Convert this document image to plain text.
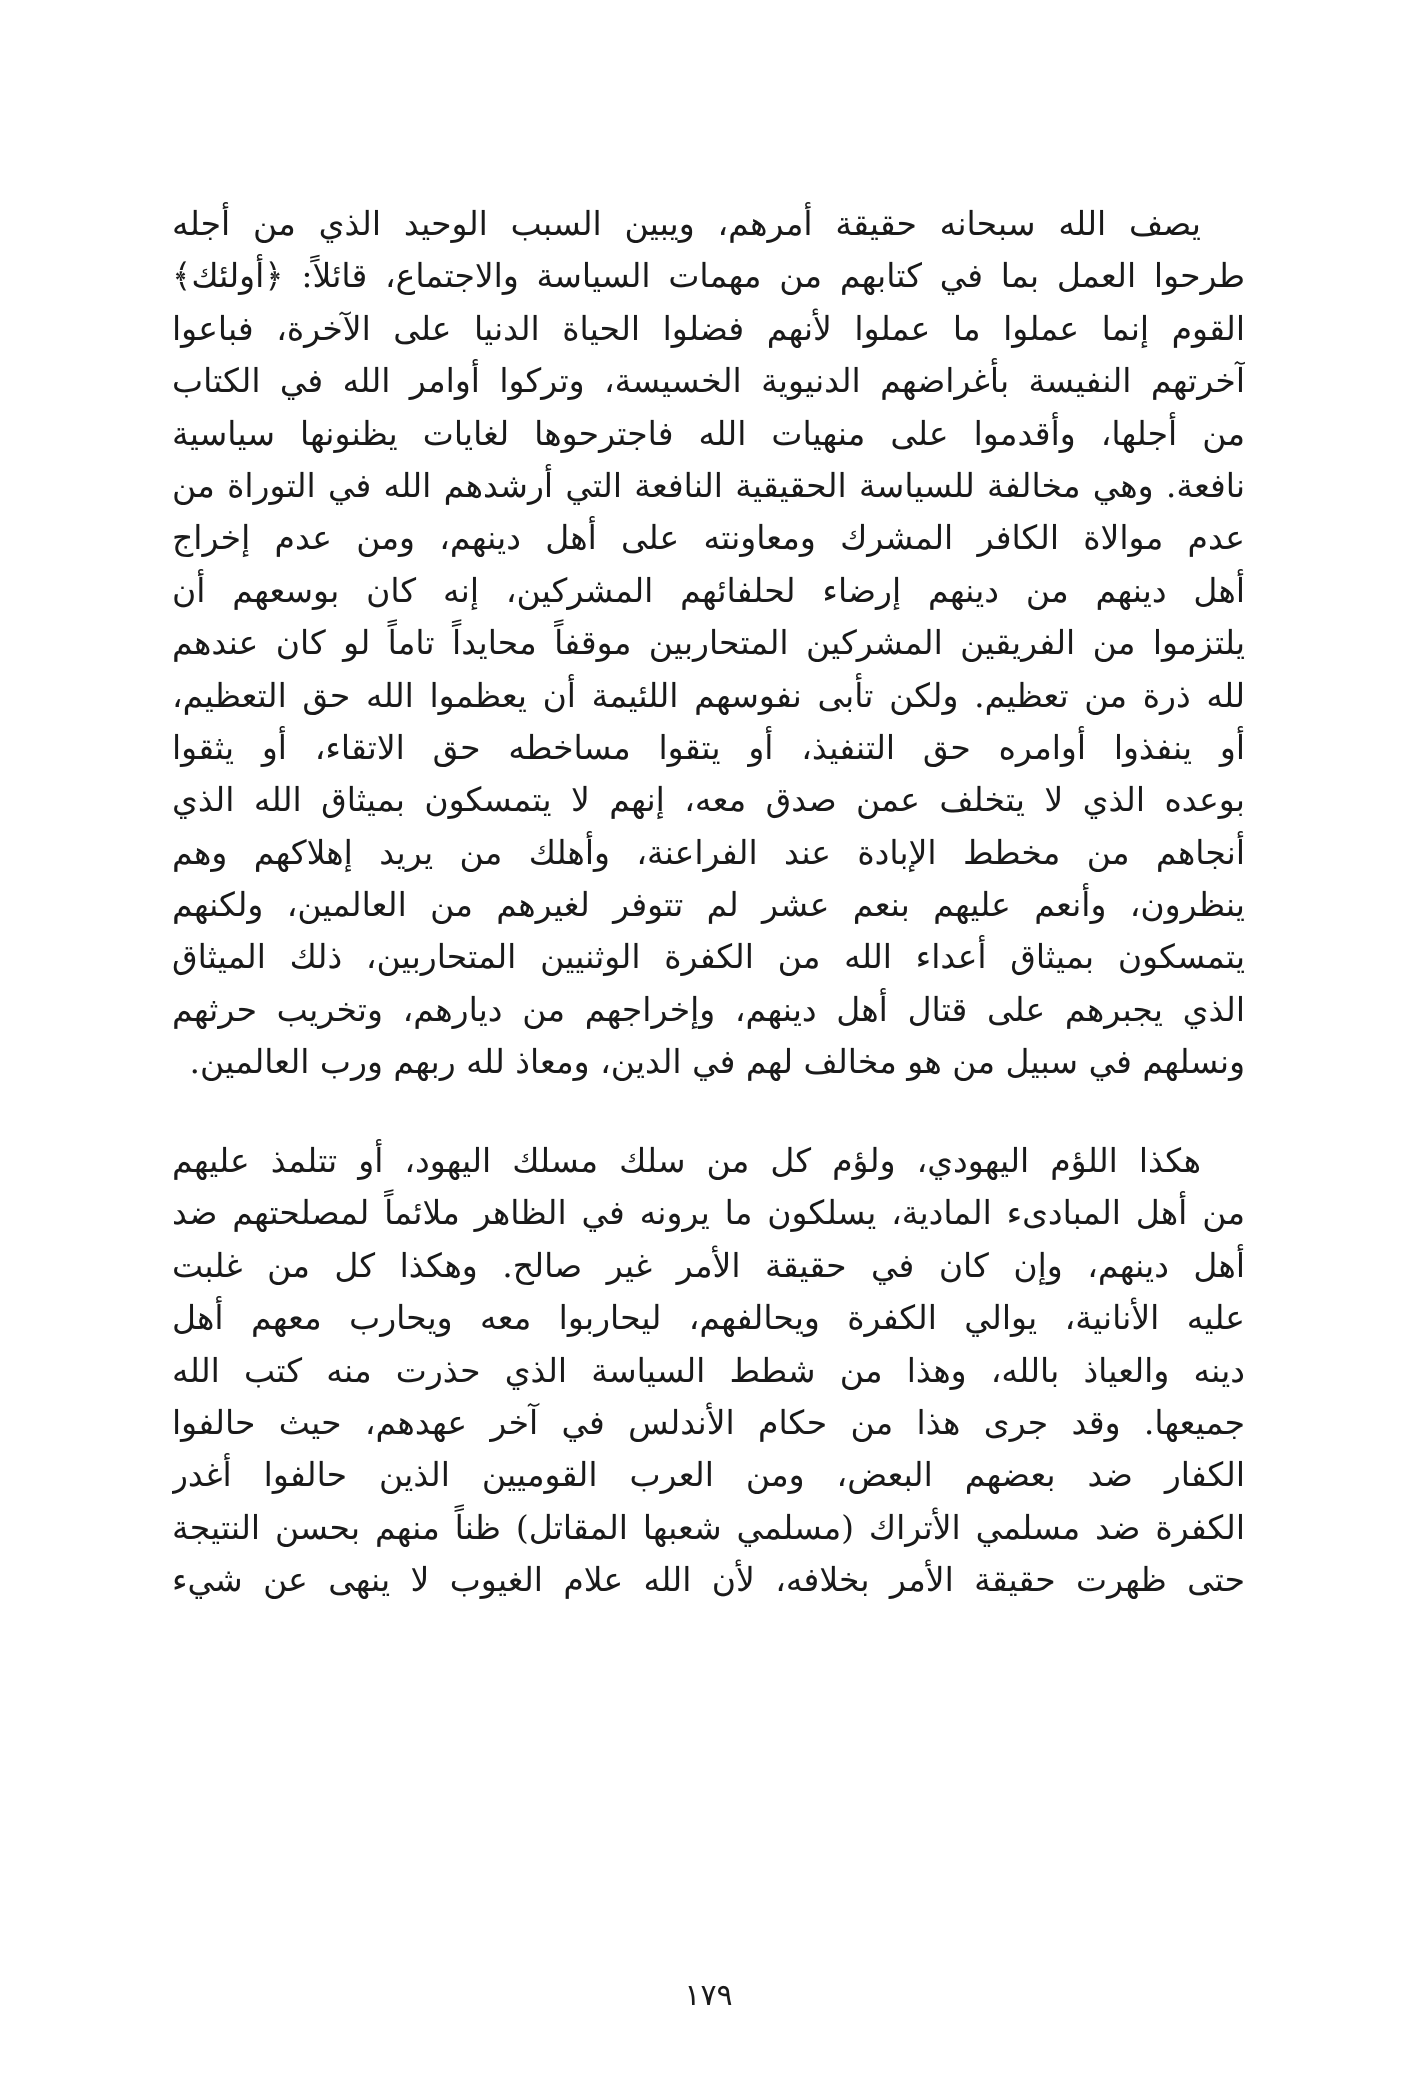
يصف الله سبحانه حقيقة أمرهم، ويبين السبب الوحيد الذي من أجله
طرحوا العمل بما في كتابهم من مهمات السياسة والاجتماع، قائلاً: ﴿أولئك﴾
القوم إنما عملوا ما عملوا لأنهم فضلوا الحياة الدنيا على الآخرة، فباعوا
آخرتهم النفيسة بأغراضهم الدنيوية الخسيسة، وتركوا أوامر الله في الكتاب
من أجلها، وأقدموا على منهيات الله فاجترحوها لغايات يظنونها سياسية
نافعة. وهي مخالفة للسياسة الحقيقية النافعة التي أرشدهم الله في التوراة من
عدم موالاة الكافر المشرك ومعاونته على أهل دينهم، ومن عدم إخراج
أهل دينهم من دينهم إرضاء لحلفائهم المشركين، إنه كان بوسعهم أن
يلتزموا من الفريقين المشركين المتحاربين موقفاً محايداً تاماً لو كان عندهم
لله ذرة من تعظيم. ولكن تأبى نفوسهم اللئيمة أن يعظموا الله حق التعظيم،
أو ينفذوا أوامره حق التنفيذ، أو يتقوا مساخطه حق الاتقاء، أو يثقوا
بوعده الذي لا يتخلف عمن صدق معه، إنهم لا يتمسكون بميثاق الله الذي
أنجاهم من مخطط الإبادة عند الفراعنة، وأهلك من يريد إهلاكهم وهم
ينظرون، وأنعم عليهم بنعم عشر لم تتوفر لغيرهم من العالمين، ولكنهم
يتمسكون بميثاق أعداء الله من الكفرة الوثنيين المتحاربين، ذلك الميثاق
الذي يجبرهم على قتال أهل دينهم، وإخراجهم من ديارهم، وتخريب حرثهم
ونسلهم في سبيل من هو مخالف لهم في الدين، ومعاذ لله ربهم ورب العالمين.
هكذا اللؤم اليهودي، ولؤم كل من سلك مسلك اليهود، أو تتلمذ عليهم
من أهل المبادىء المادية، يسلكون ما يرونه في الظاهر ملائماً لمصلحتهم ضد
أهل دينهم، وإن كان في حقيقة الأمر غير صالح. وهكذا كل من غلبت
عليه الأنانية، يوالي الكفرة ويحالفهم، ليحاربوا معه ويحارب معهم أهل
دينه والعياذ بالله، وهذا من شطط السياسة الذي حذرت منه كتب الله
جميعها. وقد جرى هذا من حكام الأندلس في آخر عهدهم، حيث حالفوا
الكفار ضد بعضهم البعض، ومن العرب القوميين الذين حالفوا أغدر
الكفرة ضد مسلمي الأتراك (مسلمي شعبها المقاتل) ظناً منهم بحسن النتيجة
حتى ظهرت حقيقة الأمر بخلافه، لأن الله علام الغيوب لا ينهى عن شيء
١٧٩
